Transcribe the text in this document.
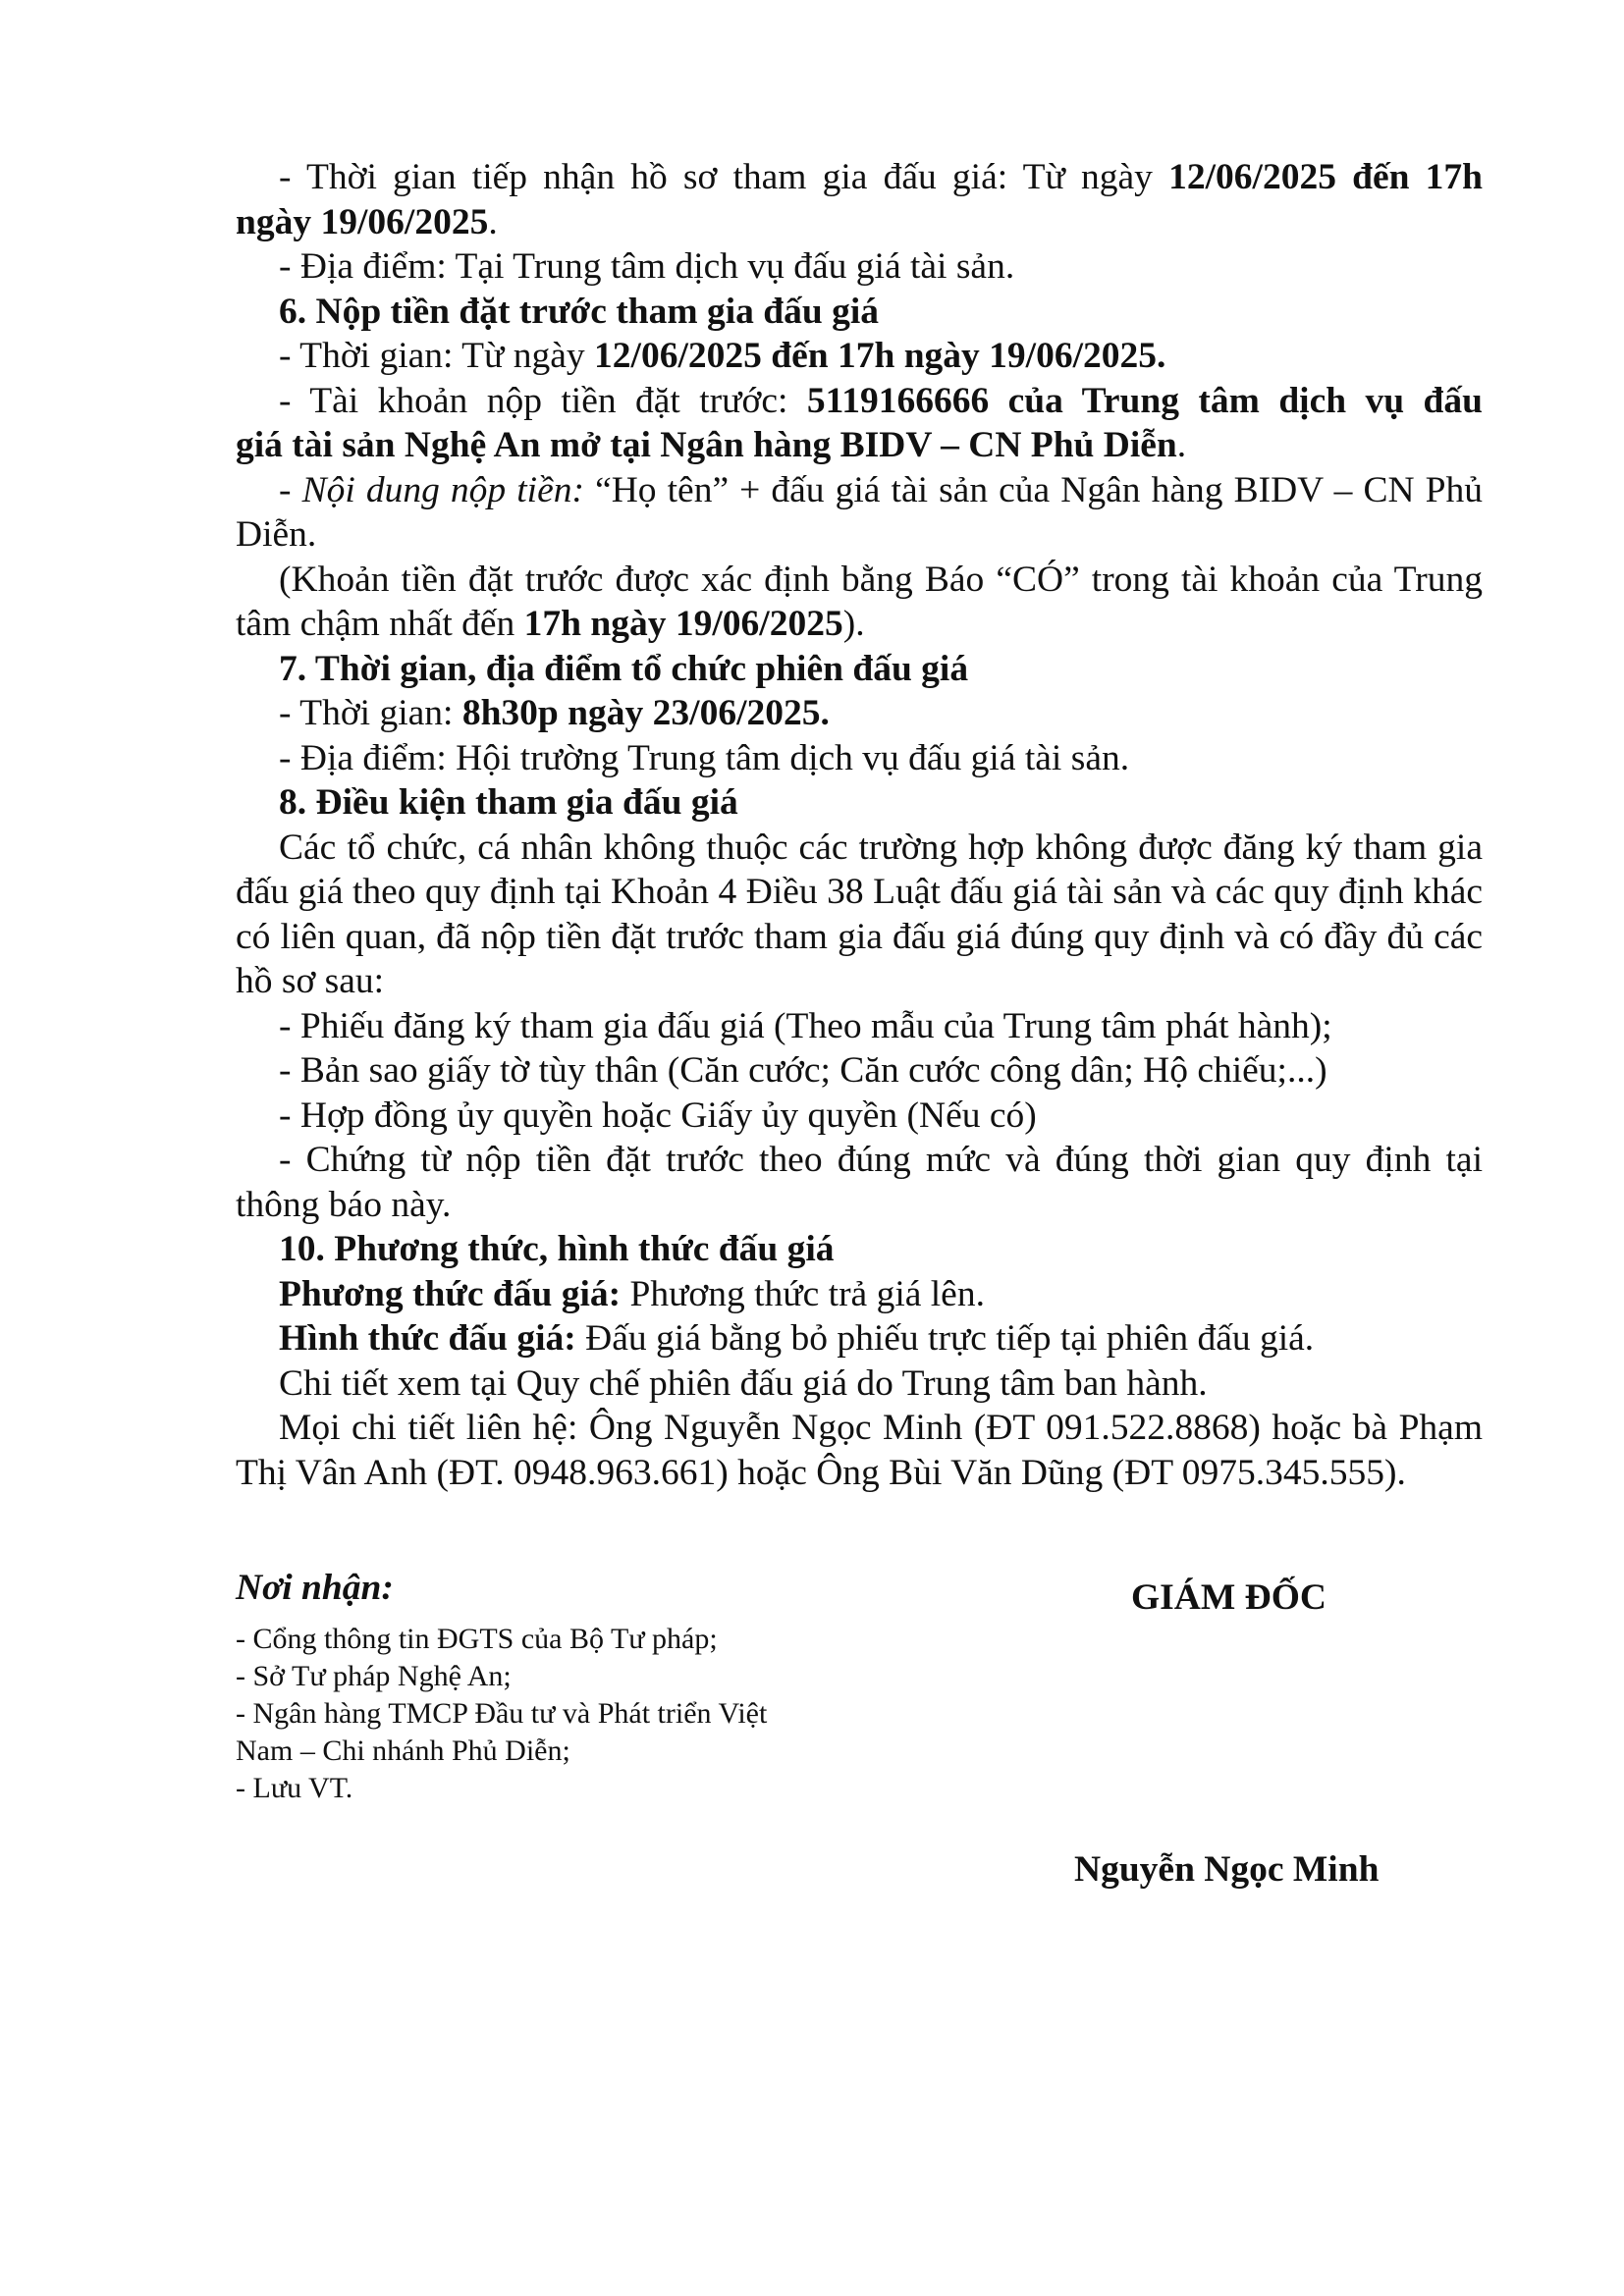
- Thời gian tiếp nhận hồ sơ tham gia đấu giá: Từ ngày 12/06/2025 đến 17h

ngày 19/06/2025.

- Địa điểm: Tại Trung tâm dịch vụ đấu giá tài sản.

6. Nộp tiền đặt trước tham gia đấu giá

- Thời gian: Từ ngày 12/06/2025 đến 17h ngày 19/06/2025.

- Tài khoản nộp tiền đặt trước: 5119166666 của Trung tâm dịch vụ đấu

giá tài sản Nghệ An mở tại Ngân hàng BIDV – CN Phủ Diễn.

- Nội dung nộp tiền: “Họ tên” + đấu giá tài sản của Ngân hàng BIDV – CN Phủ Diễn.

(Khoản tiền đặt trước được xác định bằng Báo “CÓ” trong tài khoản của Trung tâm chậm nhất đến 17h ngày 19/06/2025).

7. Thời gian, địa điểm tổ chức phiên đấu giá

- Thời gian: 8h30p ngày 23/06/2025.

- Địa điểm: Hội trường Trung tâm dịch vụ đấu giá tài sản.

8. Điều kiện tham gia đấu giá

Các tổ chức, cá nhân không thuộc các trường hợp không được đăng ký tham gia đấu giá theo quy định tại Khoản 4 Điều 38 Luật đấu giá tài sản và các quy định khác có liên quan, đã nộp tiền đặt trước tham gia đấu giá đúng quy định và có đầy đủ các hồ sơ sau:

- Phiếu đăng ký tham gia đấu giá (Theo mẫu của Trung tâm phát hành);

- Bản sao giấy tờ tùy thân (Căn cước; Căn cước công dân; Hộ chiếu;...)

- Hợp đồng ủy quyền hoặc Giấy ủy quyền (Nếu có)

- Chứng từ nộp tiền đặt trước theo đúng mức và đúng thời gian quy định tại thông báo này.

10. Phương thức, hình thức đấu giá

Phương thức đấu giá: Phương thức trả giá lên.

Hình thức đấu giá: Đấu giá bằng bỏ phiếu trực tiếp tại phiên đấu giá.

Chi tiết xem tại Quy chế phiên đấu giá do Trung tâm ban hành.

Mọi chi tiết liên hệ: Ông Nguyễn Ngọc Minh (ĐT 091.522.8868) hoặc bà Phạm Thị Vân Anh (ĐT. 0948.963.661) hoặc Ông Bùi Văn Dũng (ĐT 0975.345.555).

Nơi nhận:

- Cổng thông tin ĐGTS của Bộ Tư pháp;
- Sở Tư pháp Nghệ An;
- Ngân hàng TMCP Đầu tư và Phát triển Việt
Nam – Chi nhánh Phủ Diễn;
- Lưu VT.
GIÁM ĐỐC
Nguyễn Ngọc Minh
